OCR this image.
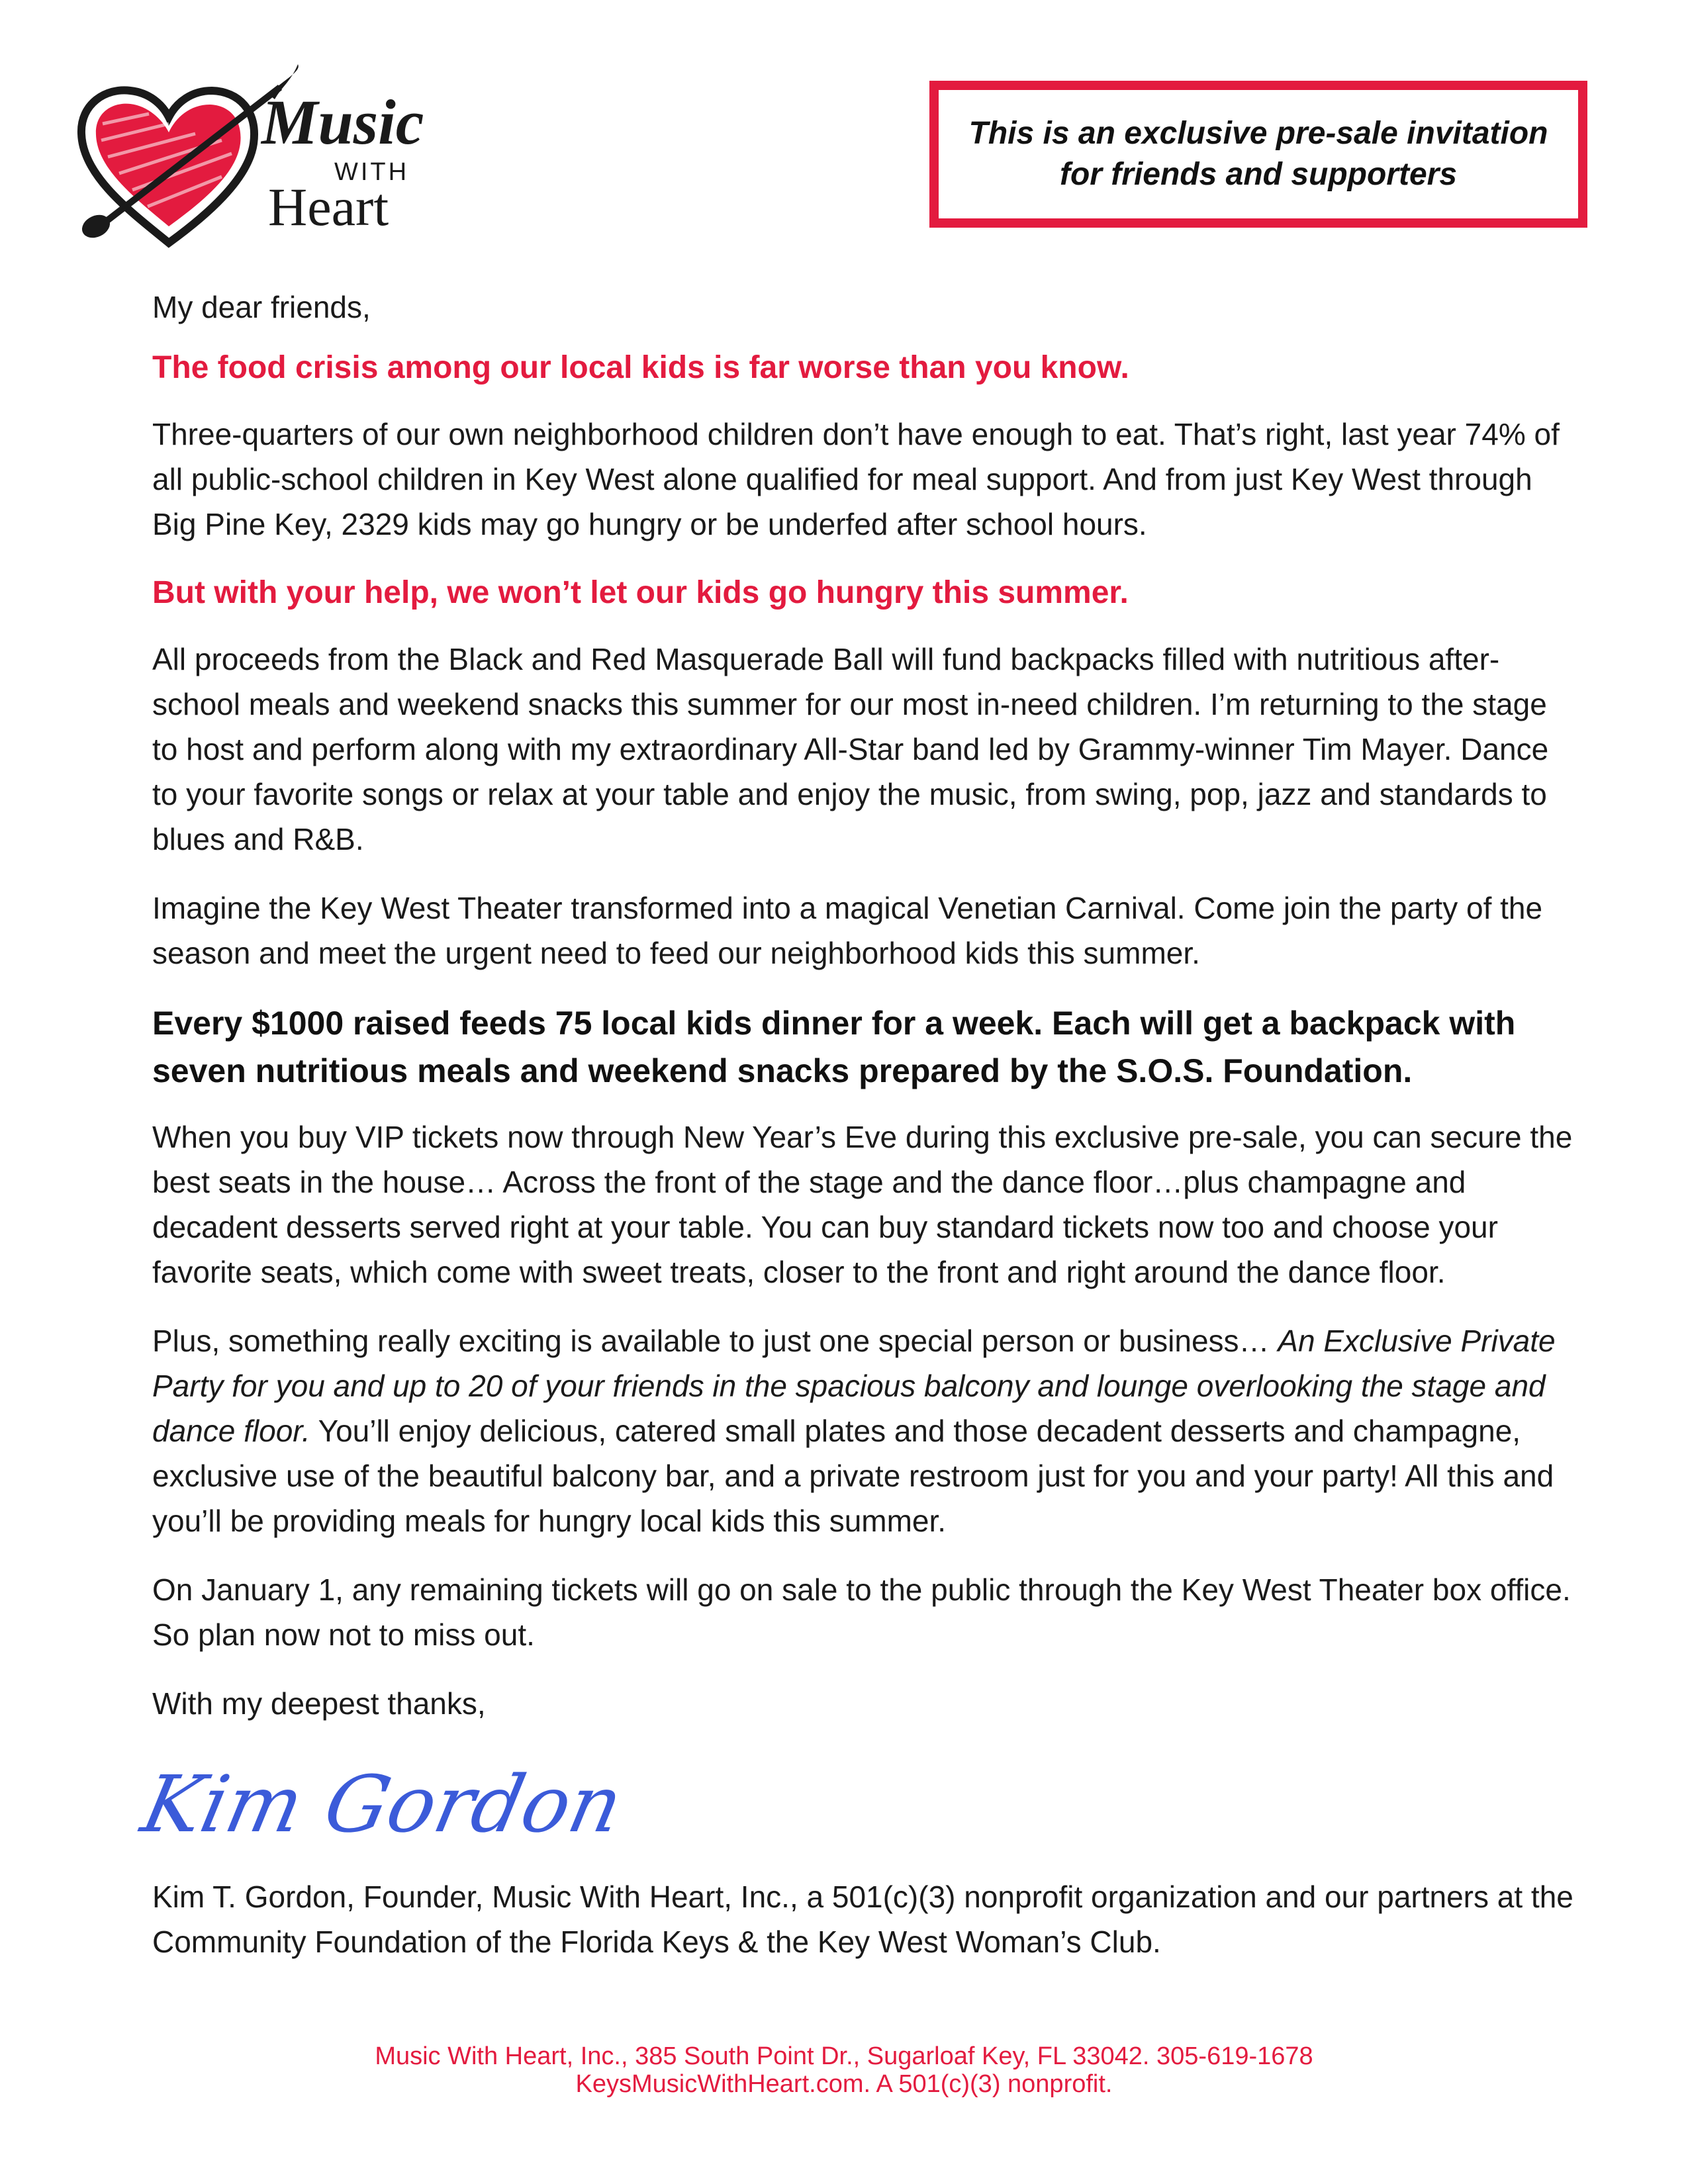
Music
WITH
Heart
This is an exclusive pre-sale invitation
for friends and supporters

My dear friends,

The food crisis among our local kids is far worse than you know.

Three-quarters of our own neighborhood children don’t have enough to eat. That’s right, last year 74% of all public-school children in Key West alone qualified for meal support. And from just Key West through Big Pine Key, 2329 kids may go hungry or be underfed after school hours.

But with your help, we won’t let our kids go hungry this summer.

All proceeds from the Black and Red Masquerade Ball will fund backpacks filled with nutritious after-school meals and weekend snacks this summer for our most in-need children. I’m returning to the stage to host and perform along with my extraordinary All-Star band led by Grammy-winner Tim Mayer. Dance to your favorite songs or relax at your table and enjoy the music, from swing, pop, jazz and standards to blues and R&B.

Imagine the Key West Theater transformed into a magical Venetian Carnival. Come join the party of the season and meet the urgent need to feed our neighborhood kids this summer.

Every $1000 raised feeds 75 local kids dinner for a week. Each will get a backpack with seven nutritious meals and weekend snacks prepared by the S.O.S. Foundation.

When you buy VIP tickets now through New Year’s Eve during this exclusive pre-sale, you can secure the best seats in the house… Across the front of the stage and the dance floor…plus champagne and decadent desserts served right at your table. You can buy standard tickets now too and choose your favorite seats, which come with sweet treats, closer to the front and right around the dance floor.

Plus, something really exciting is available to just one special person or business… An Exclusive Private Party for you and up to 20 of your friends in the spacious balcony and lounge overlooking the stage and dance floor. You’ll enjoy delicious, catered small plates and those decadent desserts and champagne, exclusive use of the beautiful balcony bar, and a private restroom just for you and your party! All this and you’ll be providing meals for hungry local kids this summer.

On January 1, any remaining tickets will go on sale to the public through the Key West Theater box office. So plan now not to miss out.

With my deepest thanks,

Kim Gordon

Kim T. Gordon, Founder, Music With Heart, Inc., a 501(c)(3) nonprofit organization and our partners at the Community Foundation of the Florida Keys & the Key West Woman’s Club.

Music With Heart, Inc., 385 South Point Dr., Sugarloaf Key, FL 33042. 305-619-1678
KeysMusicWithHeart.com. A 501(c)(3) nonprofit.
